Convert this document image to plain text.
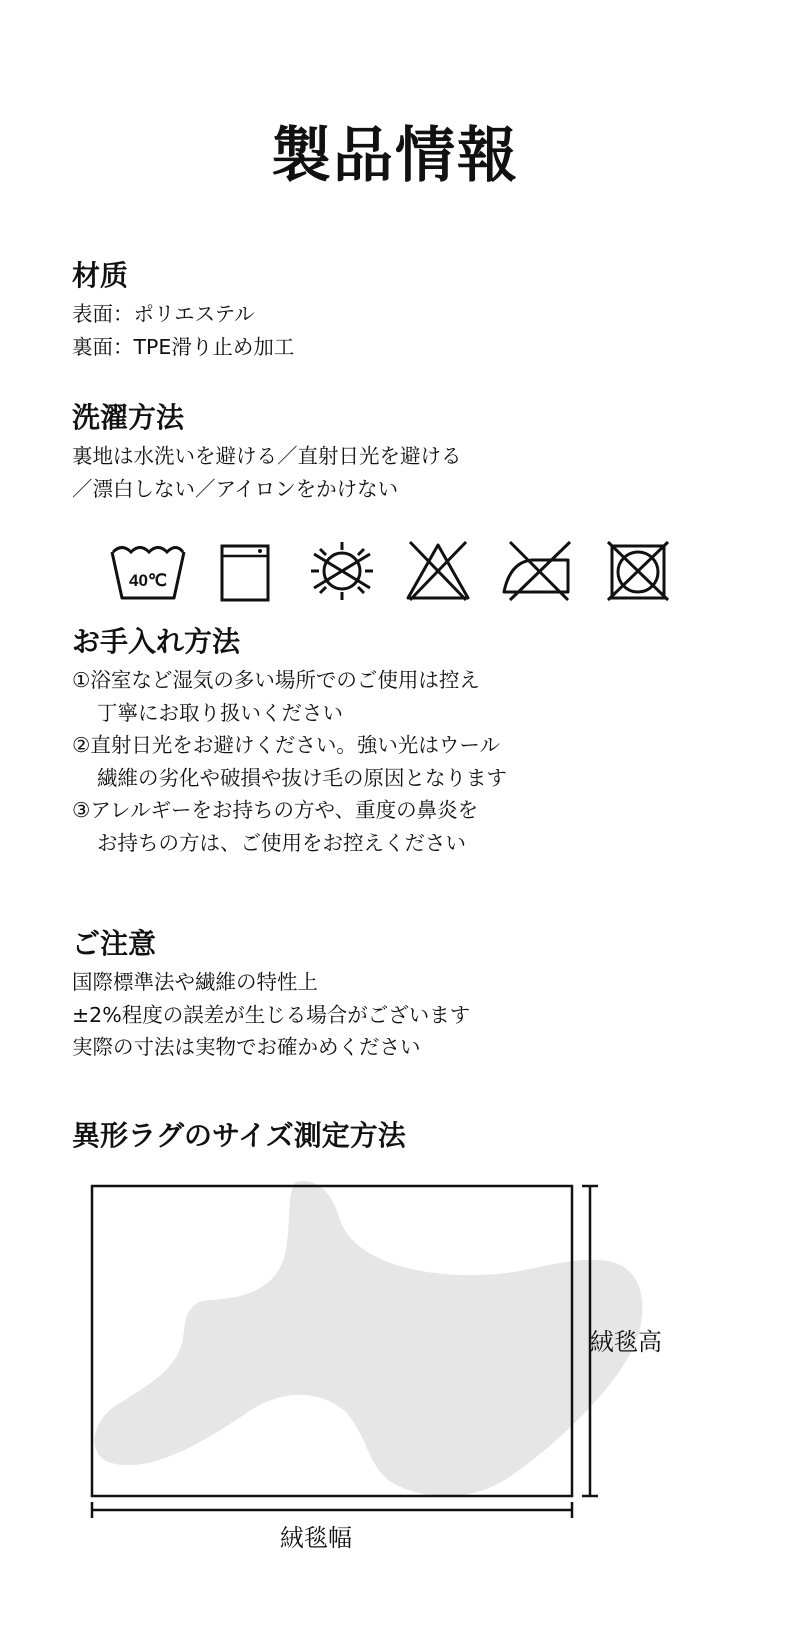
製品情報
材质
表面：ポリエステル
裏面：TPE滑り止め加工
洗濯方法
裏地は水洗いを避ける／直射日光を避ける
／漂白しない／アイロンをかけない
40℃
お手入れ方法
①浴室など湿気の多い場所でのご使用は控え
丁寧にお取り扱いください
②直射日光をお避けください。強い光はウール
繊維の劣化や破損や抜け毛の原因となります
③アレルギーをお持ちの方や、重度の鼻炎を
お持ちの方は、ご使用をお控えください
ご注意
国際標準法や繊維の特性上
±2%程度の誤差が生じる場合がございます
実際の寸法は実物でお確かめください
異形ラグのサイズ測定方法
絨毯高
絨毯幅
